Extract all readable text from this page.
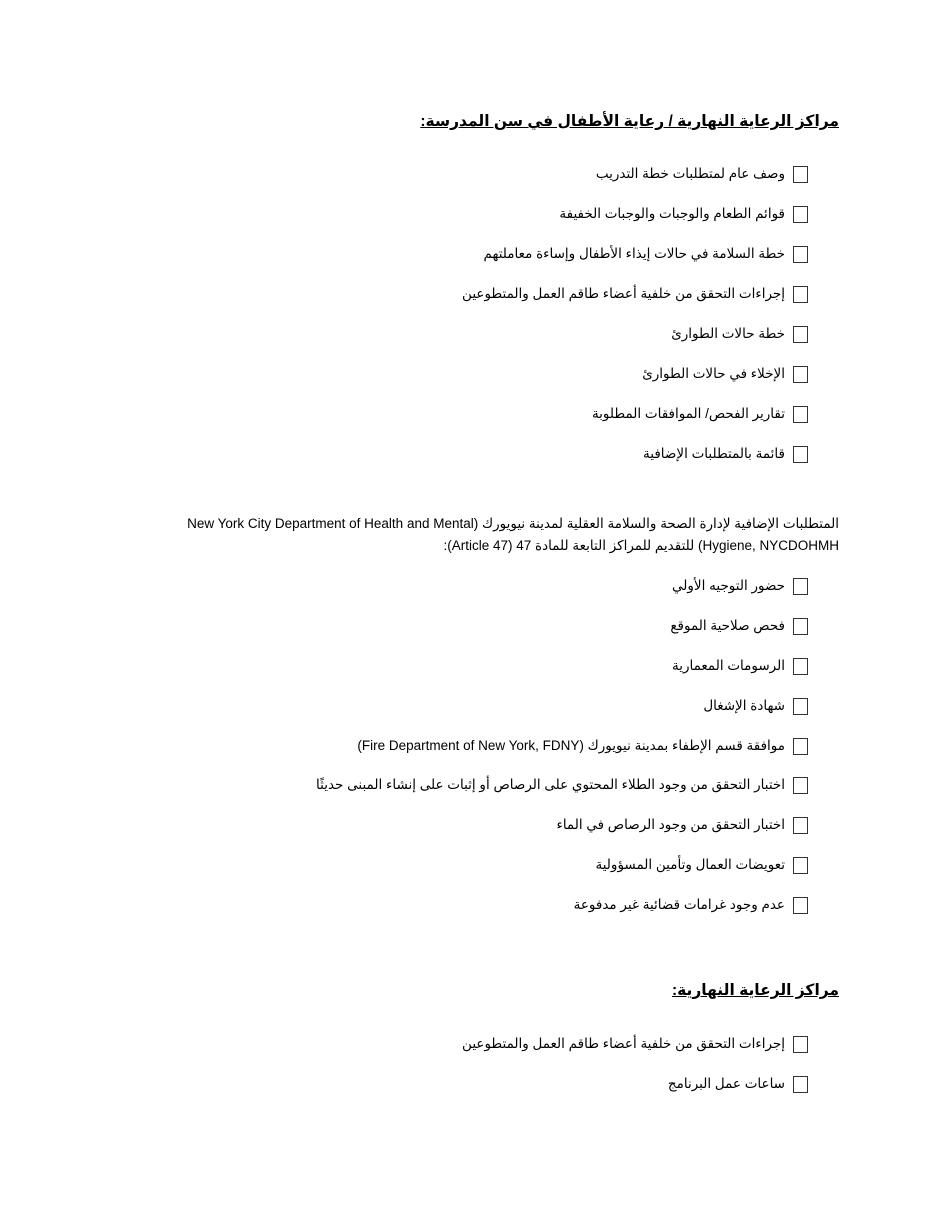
مراكز الرعاية النهارية / رعاية الأطفال في سن المدرسة:
وصف عام لمتطلبات خطة التدريب
قوائم الطعام والوجبات والوجبات الخفيفة
خطة السلامة في حالات إيذاء الأطفال وإساءة معاملتهم
إجراءات التحقق من خلفية أعضاء طاقم العمل والمتطوعين
خطة حالات الطوارئ
الإخلاء في حالات الطوارئ
تقارير الفحص/ الموافقات المطلوبة
قائمة بالمتطلبات الإضافية
المتطلبات الإضافية لإدارة الصحة والسلامة العقلية لمدينة نيويورك (New York City Department of Health and Mental
Hygiene, NYCDOHMH) للتقديم للمراكز التابعة للمادة 47 (Article 47):
حضور التوجيه الأولي
فحص صلاحية الموقع
الرسومات المعمارية
شهادة الإشغال
موافقة قسم الإطفاء بمدينة نيويورك (Fire Department of New York, FDNY)
اختبار التحقق من وجود الطلاء المحتوي على الرصاص أو إثبات على إنشاء المبنى حديثًا
اختبار التحقق من وجود الرصاص في الماء
تعويضات العمال وتأمين المسؤولية
عدم وجود غرامات قضائية غير مدفوعة
مراكز الرعاية النهارية:
إجراءات التحقق من خلفية أعضاء طاقم العمل والمتطوعين
ساعات عمل البرنامج
